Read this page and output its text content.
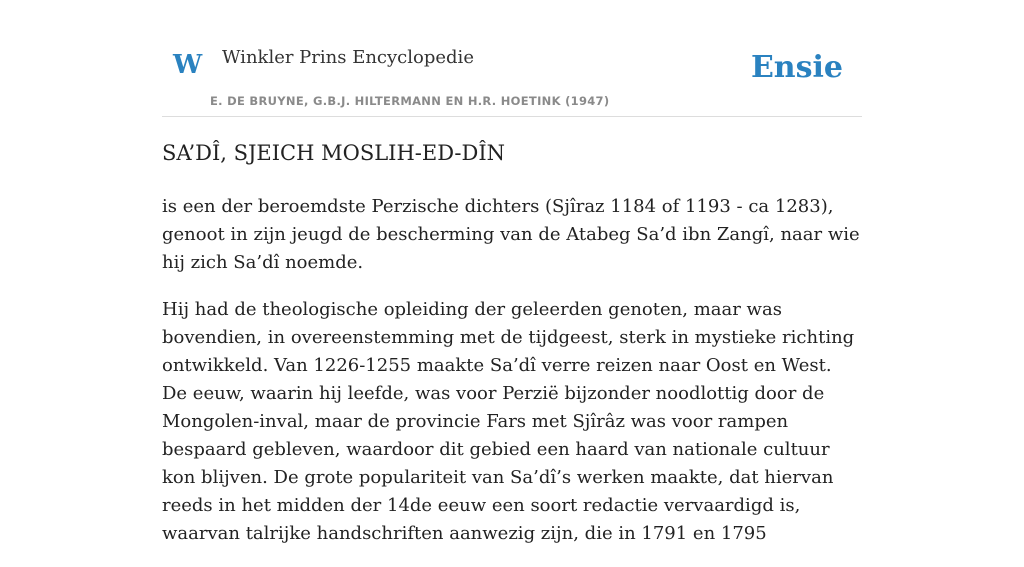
W Winkler Prins Encyclopedie
E. DE BRUYNE, G.B.J. HILTERMANN EN H.R. HOETINK (1947)
Ensie
SA’DÎ, SJEICH MOSLIH-ED-DÎN

is een der beroemdste Perzische dichters (Sjîraz 1184 of 1193 - ca 1283), genoot in zijn jeugd de bescherming van de Atabeg Sa’d ibn Zangî, naar wie hij zich Sa’dî noemde.

Hij had de theologische opleiding der geleerden genoten, maar was bovendien, in overeenstemming met de tijdgeest, sterk in mystieke richting ontwikkeld. Van 1226-1255 maakte Sa’dî verre reizen naar Oost en West. De eeuw, waarin hij leefde, was voor Perzië bijzonder noodlottig door de Mongolen-inval, maar de provincie Fars met Sjîrâz was voor rampen bespaard gebleven, waardoor dit gebied een haard van nationale cultuur kon blijven. De grote populariteit van Sa’dî’s werken maakte, dat hiervan reeds in het midden der 14de eeuw een soort redactie vervaardigd is, waarvan talrijke handschriften aanwezig zijn, die in 1791 en 1795
